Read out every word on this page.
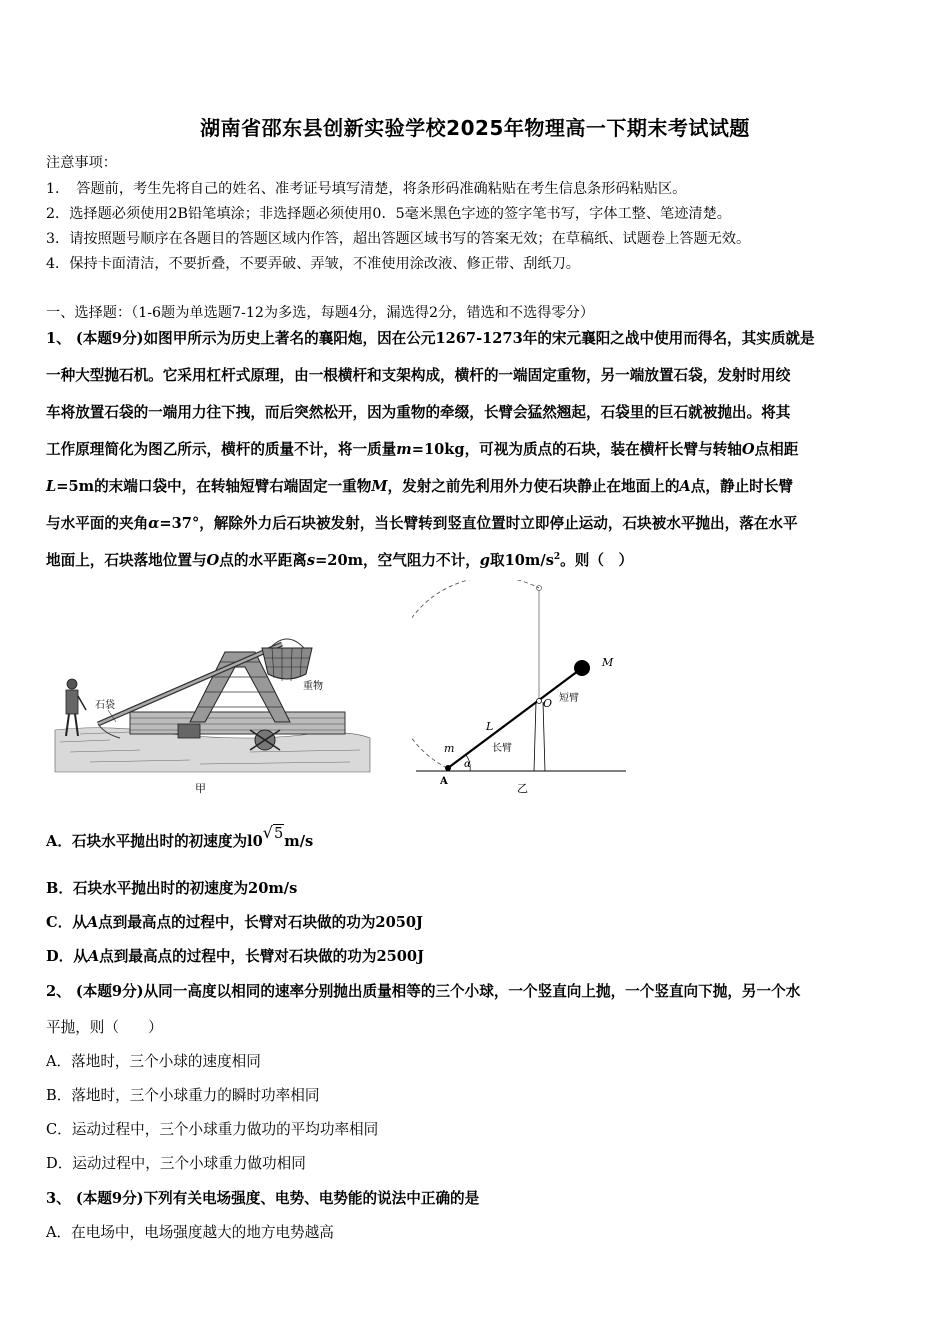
湖南省邵东县创新实验学校2025年物理高一下期末考试试题
注意事项：
1．　答题前，考生先将自己的姓名、准考证号填写清楚，将条形码准确粘贴在考生信息条形码粘贴区。
2．选择题必须使用2B铅笔填涂；非选择题必须使用0．5毫米黑色字迹的签字笔书写，字体工整、笔迹清楚。
3．请按照题号顺序在各题目的答题区域内作答，超出答题区域书写的答案无效；在草稿纸、试题卷上答题无效。
4．保持卡面清洁，不要折叠，不要弄破、弄皱，不准使用涂改液、修正带、刮纸刀。
一、选择题：（1-6题为单选题7-12为多选，每题4分，漏选得2分，错选和不选得零分）
1、 (本题9分)如图甲所示为历史上著名的襄阳炮，因在公元1267-1273年的宋元襄阳之战中使用而得名，其实质就是
一种大型抛石机。它采用杠杆式原理，由一根横杆和支架构成，横杆的一端固定重物，另一端放置石袋，发射时用绞
车将放置石袋的一端用力往下拽，而后突然松开，因为重物的牵缀，长臂会猛然翘起，石袋里的巨石就被抛出。将其
工作原理简化为图乙所示，横杆的质量不计，将一质量m=10kg，可视为质点的石块，装在横杆长臂与转轴O点相距
L=5m的末端口袋中，在转轴短臂右端固定一重物M，发射之前先利用外力使石块静止在地面上的A点，静止时长臂
与水平面的夹角α=37°，解除外力后石块被发射，当长臂转到竖直位置时立即停止运动，石块被水平抛出，落在水平
地面上，石块落地位置与O点的水平距离s=20m，空气阻力不计，g取$10m/s^2$。则（　）
石袋
重物
甲
M
O 短臂
L
长臂
m
α
A
乙
A．石块水平抛出时的初速度为l0√5m/s
B．石块水平抛出时的初速度为20m/s
C．从A点到最高点的过程中，长臂对石块做的功为2050J
D．从A点到最高点的过程中，长臂对石块做的功为2500J
2、 (本题9分)从同一高度以相同的速率分别抛出质量相等的三个小球，一个竖直向上抛，一个竖直向下抛，另一个水
平抛，则（　　）
A．落地时，三个小球的速度相同
B．落地时，三个小球重力的瞬时功率相同
C．运动过程中，三个小球重力做功的平均功率相同
D．运动过程中，三个小球重力做功相同
3、 (本题9分)下列有关电场强度、电势、电势能的说法中正确的是
A．在电场中，电场强度越大的地方电势越高
